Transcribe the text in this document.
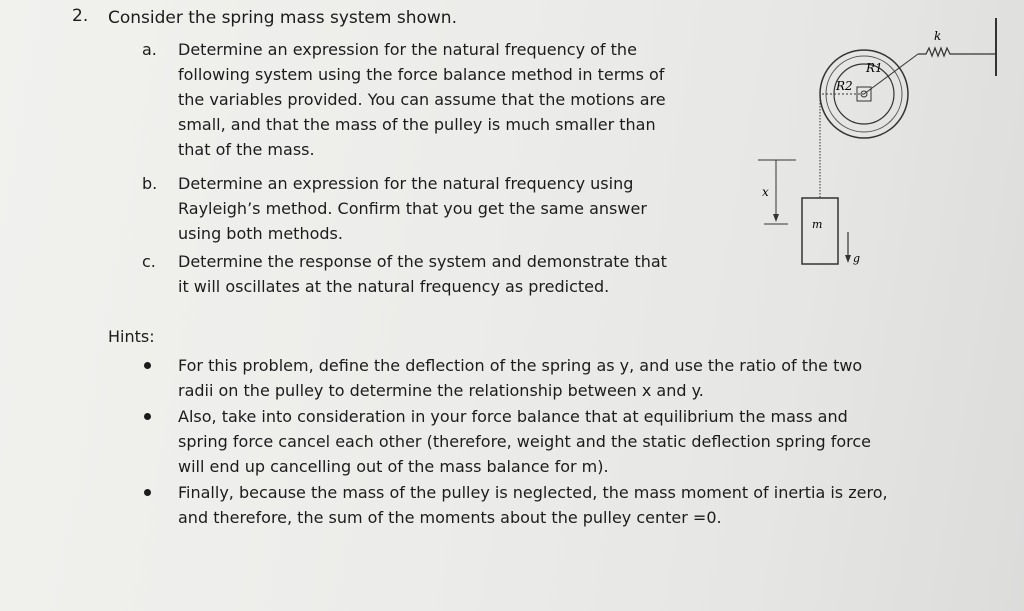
2. Consider the spring mass system shown.
a. Determine an expression for the natural frequency of the
following system using the force balance method in terms of
the variables provided. You can assume that the motions are
small, and that the mass of the pulley is much smaller than
that of the mass.
b. Determine an expression for the natural frequency using
Rayleigh’s method. Confirm that you get the same answer
using both methods.
c. Determine the response of the system and demonstrate that
it will oscillates at the natural frequency as predicted.
Hints:
For this problem, define the deflection of the spring as y, and use the ratio of the two
radii on the pulley to determine the relationship between x and y.
Also, take into consideration in your force balance that at equilibrium the mass and
spring force cancel each other (therefore, weight and the static deflection spring force
will end up cancelling out of the mass balance for m).
Finally, because the mass of the pulley is neglected, the mass moment of inertia is zero,
and therefore, the sum of the moments about the pulley center =0.
k
R1
R2
m
x
g
